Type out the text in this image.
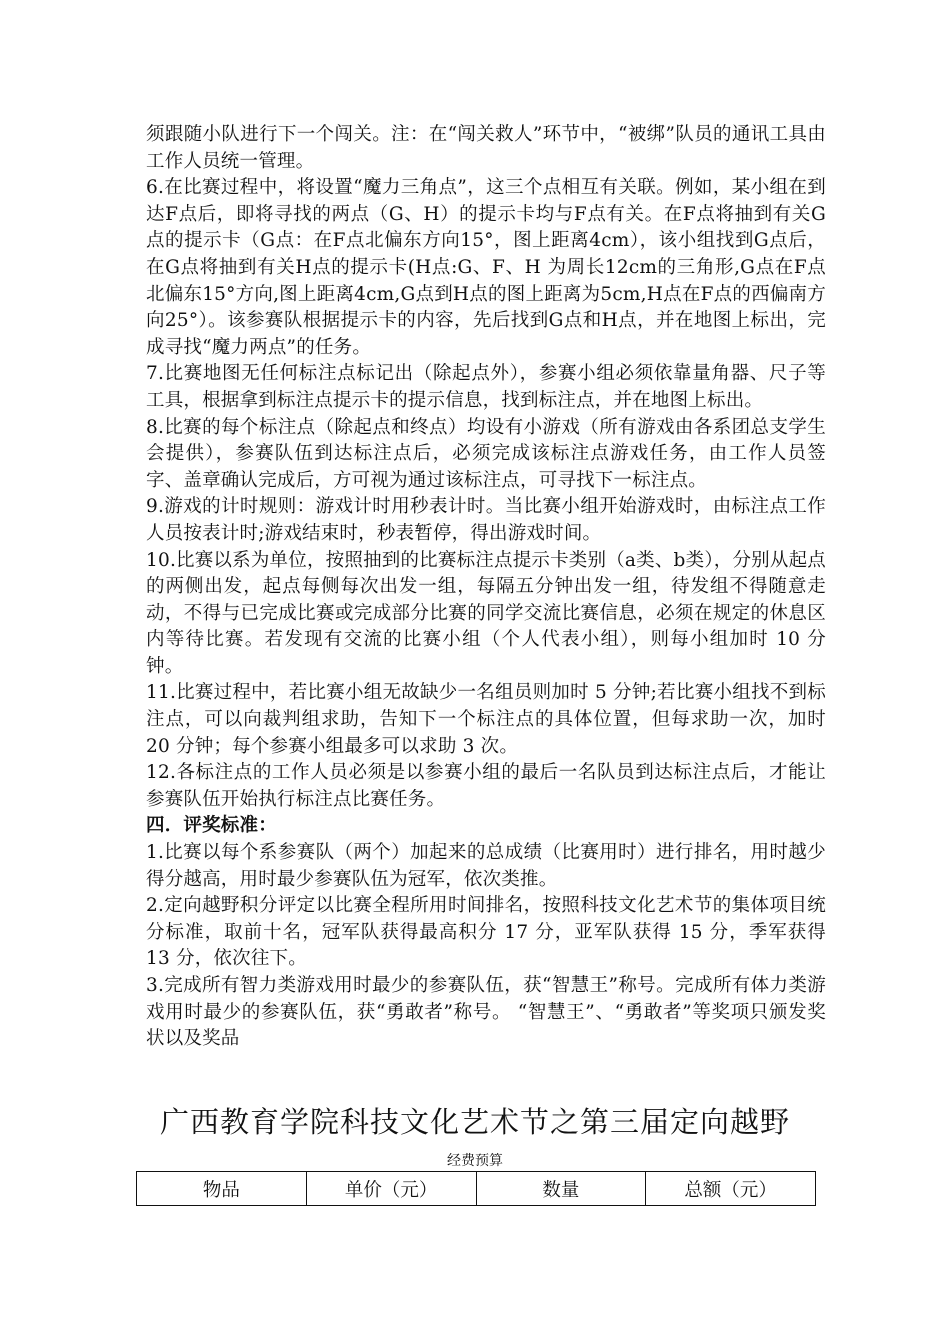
须跟随小队进行下一个闯关。注：在“闯关救人”环节中，“被绑”队员的通讯工具由工作人员统一管理。

6.在比赛过程中，将设置“魔力三角点”，这三个点相互有关联。例如，某小组在到达F点后，即将寻找的两点（G、H）的提示卡均与F点有关。在F点将抽到有关G点的提示卡（G点：在F点北偏东方向15°，图上距离4cm），该小组找到G点后，在G点将抽到有关H点的提示卡(H点:G、F、H 为周长12cm的三角形,G点在F点北偏东15°方向,图上距离4cm,G点到H点的图上距离为5cm,H点在F点的西偏南方向25°）。该参赛队根据提示卡的内容，先后找到G点和H点，并在地图上标出，完成寻找“魔力两点”的任务。

7.比赛地图无任何标注点标记出（除起点外），参赛小组必须依靠量角器、尺子等工具，根据拿到标注点提示卡的提示信息，找到标注点，并在地图上标出。

8.比赛的每个标注点（除起点和终点）均设有小游戏（所有游戏由各系团总支学生会提供），参赛队伍到达标注点后，必须完成该标注点游戏任务，由工作人员签字、盖章确认完成后，方可视为通过该标注点，可寻找下一标注点。

9.游戏的计时规则：游戏计时用秒表计时。当比赛小组开始游戏时，由标注点工作人员按表计时;游戏结束时，秒表暂停，得出游戏时间。

10.比赛以系为单位，按照抽到的比赛标注点提示卡类别（a类、b类），分别从起点的两侧出发，起点每侧每次出发一组，每隔五分钟出发一组，待发组不得随意走动，不得与已完成比赛或完成部分比赛的同学交流比赛信息，必须在规定的休息区内等待比赛。若发现有交流的比赛小组（个人代表小组），则每小组加时 10 分钟。

11.比赛过程中，若比赛小组无故缺少一名组员则加时 5 分钟;若比赛小组找不到标注点，可以向裁判组求助，告知下一个标注点的具体位置，但每求助一次，加时 20 分钟；每个参赛小组最多可以求助 3 次。

12.各标注点的工作人员必须是以参赛小组的最后一名队员到达标注点后，才能让参赛队伍开始执行标注点比赛任务。

四．评奖标准：

1.比赛以每个系参赛队（两个）加起来的总成绩（比赛用时）进行排名，用时越少得分越高，用时最少参赛队伍为冠军，依次类推。

2.定向越野积分评定以比赛全程所用时间排名，按照科技文化艺术节的集体项目统分标准，取前十名，冠军队获得最高积分 17 分，亚军队获得 15 分，季军获得 13 分，依次往下。

3.完成所有智力类游戏用时最少的参赛队伍，获“智慧王”称号。完成所有体力类游戏用时最少的参赛队伍，获“勇敢者”称号。 “智慧王”、“勇敢者”等奖项只颁发奖状以及奖品

广西教育学院科技文化艺术节之第三届定向越野
经费预算
物品	单价（元）	数量	总额（元）
